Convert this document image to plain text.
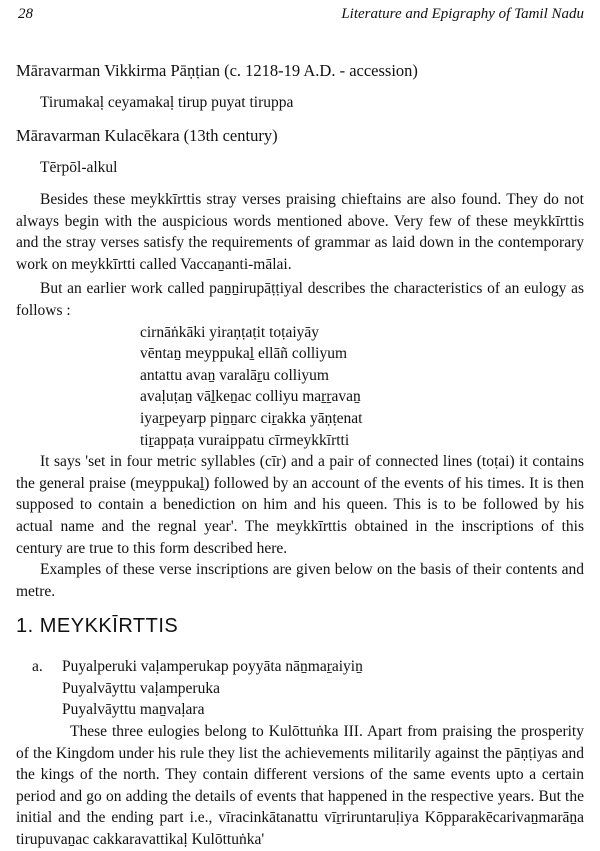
28	Literature and Epigraphy of Tamil Nadu
Māravarman Vikkirma Pāṇṭian (c. 1218-19 A.D. - accession)
Tirumakaḷ ceyamakaḷ tirup puyat tiruppa
Māravarman Kulacēkara (13th century)
Tērpōl-alkul

Besides these meykkīrttis stray verses praising chieftains are also found. They do not always begin with the auspicious words mentioned above. Very few of these meykkīrttis and the stray verses satisfy the requirements of grammar as laid down in the contemporary work on meykkīrtti called Vaccaṉanti-mālai.

But an earlier work called paṉṉirupāṭṭiyal describes the characteristics of an eulogy as follows :

cirnāṅkāki yiraṇṭaṭit toṭaiyāy
vēntaṉ meyppukaḻ ellāñ colliyum
antattu avaṉ varalāṟu colliyum
avaḷuṭaṉ vāḻkeṉac colliyu maṟṟavaṉ
iyaṟpeyarp piṉṉarc ciṟakka yāṇṭenat
tiṟappaṭa vuraippatu cīrmeykkīrtti

It says 'set in four metric syllables (cīr) and a pair of connected lines (toṭai) it contains the general praise (meyppukaḻ) followed by an account of the events of his times. It is then supposed to contain a benediction on him and his queen. This is to be followed by his actual name and the regnal year'. The meykkīrttis obtained in the inscriptions of this century are true to this form described here.

Examples of these verse inscriptions are given below on the basis of their contents and metre.

1. MEYKKĪRTTIS
a.	Puyalperuki vaḷamperukap poyyāta nāṉmaṟaiyiṉ
Puyalvāyttu vaḷamperuka
Puyalvāyttu maṉvaḷara

These three eulogies belong to Kulōttuṅka III. Apart from praising the prosperity of the Kingdom under his rule they list the achievements militarily against the pāṇṭiyas and the kings of the north. They contain different versions of the same events upto a certain period and go on adding the details of events that happened in the respective years. But the initial and the ending part i.e., vīracinkātanattu vīṟriruntaruḷiya Kōpparakēcarivaṉmarāṉa tirupuvaṉac cakkaravattikaḷ Kulōttuṅka'
